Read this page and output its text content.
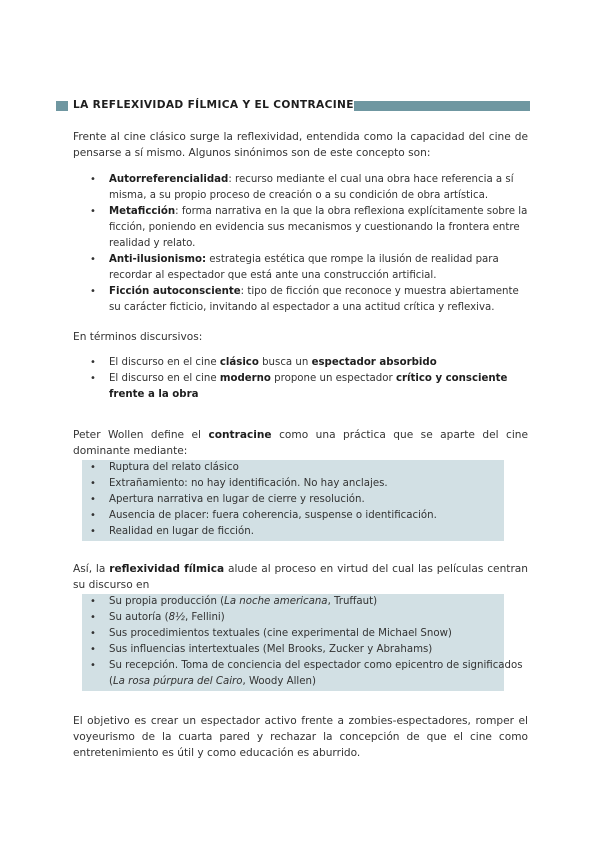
LA REFLEXIVIDAD FÍLMICA Y EL CONTRACINE

Frente al cine clásico surge la reflexividad, entendida como la capacidad del cine de pensarse a sí mismo. Algunos sinónimos son de este concepto son:

• Autorreferencialidad: recurso mediante el cual una obra hace referencia a sí misma, a su propio proceso de creación o a su condición de obra artística.
• Metaficción: forma narrativa en la que la obra reflexiona explícitamente sobre la ficción, poniendo en evidencia sus mecanismos y cuestionando la frontera entre realidad y relato.
• Anti-ilusionismo: estrategia estética que rompe la ilusión de realidad para recordar al espectador que está ante una construcción artificial.
• Ficción autoconsciente: tipo de ficción que reconoce y muestra abiertamente su carácter ficticio, invitando al espectador a una actitud crítica y reflexiva.

En términos discursivos:

• El discurso en el cine clásico busca un espectador absorbido
• El discurso en el cine moderno propone un espectador crítico y consciente frente a la obra

Peter Wollen define el contracine como una práctica que se aparte del cine dominante mediante:

• Ruptura del relato clásico
• Extrañamiento: no hay identificación. No hay anclajes.
• Apertura narrativa en lugar de cierre y resolución.
• Ausencia de placer: fuera coherencia, suspense o identificación.
• Realidad en lugar de ficción.

Así, la reflexividad fílmica alude al proceso en virtud del cual las películas centran su discurso en

• Su propia producción (La noche americana, Truffaut)
• Su autoría (8½, Fellini)
• Sus procedimientos textuales (cine experimental de Michael Snow)
• Sus influencias intertextuales (Mel Brooks, Zucker y Abrahams)
• Su recepción. Toma de conciencia del espectador como epicentro de significados (La rosa púrpura del Cairo, Woody Allen)

El objetivo es crear un espectador activo frente a zombies-espectadores, romper el voyeurismo de la cuarta pared y rechazar la concepción de que el cine como entretenimiento es útil y como educación es aburrido.
